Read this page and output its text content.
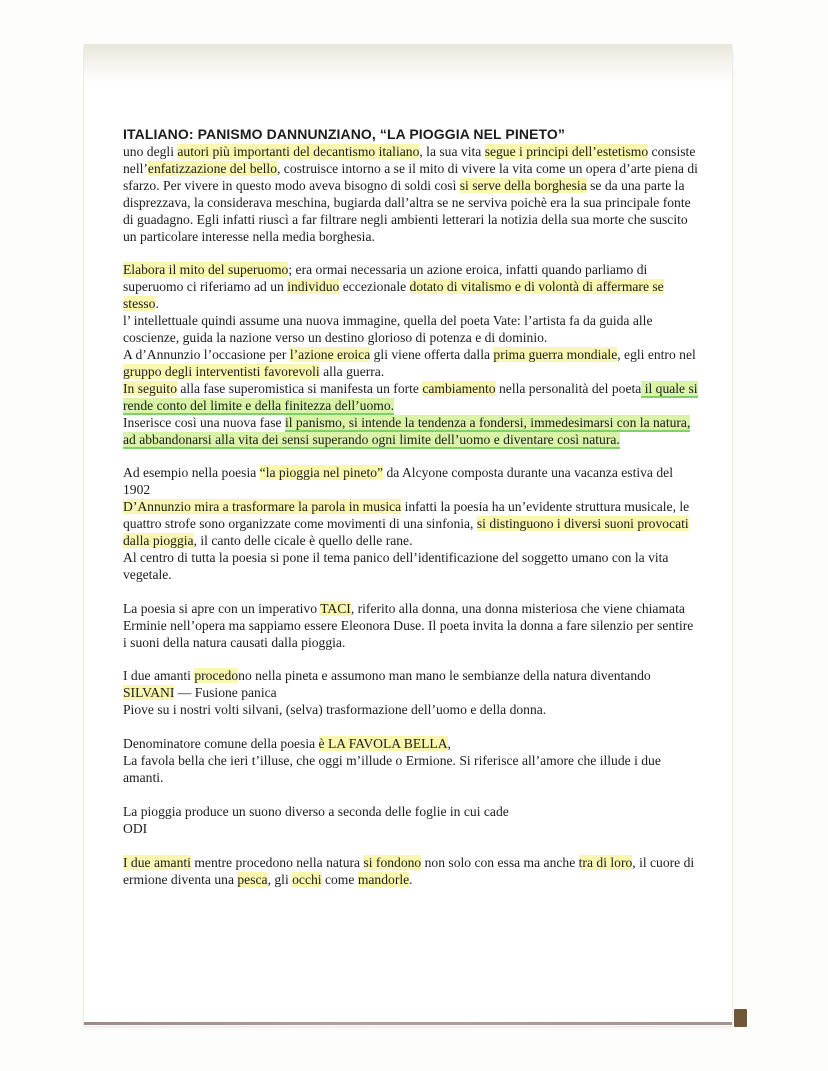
ITALIANO: PANISMO DANNUNZIANO, “LA PIOGGIA NEL PINETO”

uno degli autori più importanti del decantismo italiano, la sua vita segue i principi dell’estetismo consiste nell’enfatizzazione del bello, costruisce intorno a se il mito di vivere la vita come un opera d’arte piena di sfarzo. Per vivere in questo modo aveva bisogno di soldi così si serve della borghesia se da una parte la disprezzava, la considerava meschina, bugiarda dall’altra se ne serviva poichè era la sua principale fonte di guadagno. Egli infatti riuscì a far filtrare negli ambienti letterari la notizia della sua morte che suscito un particolare interesse nella media borghesia.

Elabora il mito del superuomo; era ormai necessaria un azione eroica, infatti quando parliamo di superuomo ci riferiamo ad un individuo eccezionale dotato di vitalismo e di volontà di affermare se stesso.

l’ intellettuale quindi assume una nuova immagine, quella del poeta Vate: l’artista fa da guida alle coscienze, guida la nazione verso un destino glorioso di potenza e di dominio.

A d’Annunzio l’occasione per l’azione eroica gli viene offerta dalla prima guerra mondiale, egli entro nel gruppo degli interventisti favorevoli alla guerra.

In seguito alla fase superomistica si manifesta un forte cambiamento nella personalità del poeta il quale si rende conto del limite e della finitezza dell’uomo.

Inserisce così una nuova fase il panismo, si intende la tendenza a fondersi, immedesimarsi con la natura, ad abbandonarsi alla vita dei sensi superando ogni limite dell’uomo e diventare così natura.

Ad esempio nella poesia “la pioggia nel pineto” da Alcyone composta durante una vacanza estiva del 1902

D’Annunzio mira a trasformare la parola in musica infatti la poesia ha un’evidente struttura musicale, le quattro strofe sono organizzate come movimenti di una sinfonia, si distinguono i diversi suoni provocati dalla pioggia, il canto delle cicale è quello delle rane.

Al centro di tutta la poesia si pone il tema panico dell’identificazione del soggetto umano con la vita vegetale.

La poesia si apre con un imperativo TACI, riferito alla donna, una donna misteriosa che viene chiamata Erminie nell’opera ma sappiamo essere Eleonora Duse. Il poeta invita la donna a fare silenzio per sentire i suoni della natura causati dalla pioggia.

I due amanti procedono nella pineta e assumono man mano le sembianze della natura diventando SILVANI — Fusione panica

Piove su i nostri volti silvani, (selva) trasformazione dell’uomo e della donna.

Denominatore comune della poesia è LA FAVOLA BELLA,

La favola bella che ieri t’illuse, che oggi m’illude o Ermione. Si riferisce all’amore che illude i due amanti.

La pioggia produce un suono diverso a seconda delle foglie in cui cade

ODI

I due amanti mentre procedono nella natura si fondono non solo con essa ma anche tra di loro, il cuore di ermione diventa una pesca, gli occhi come mandorle.
